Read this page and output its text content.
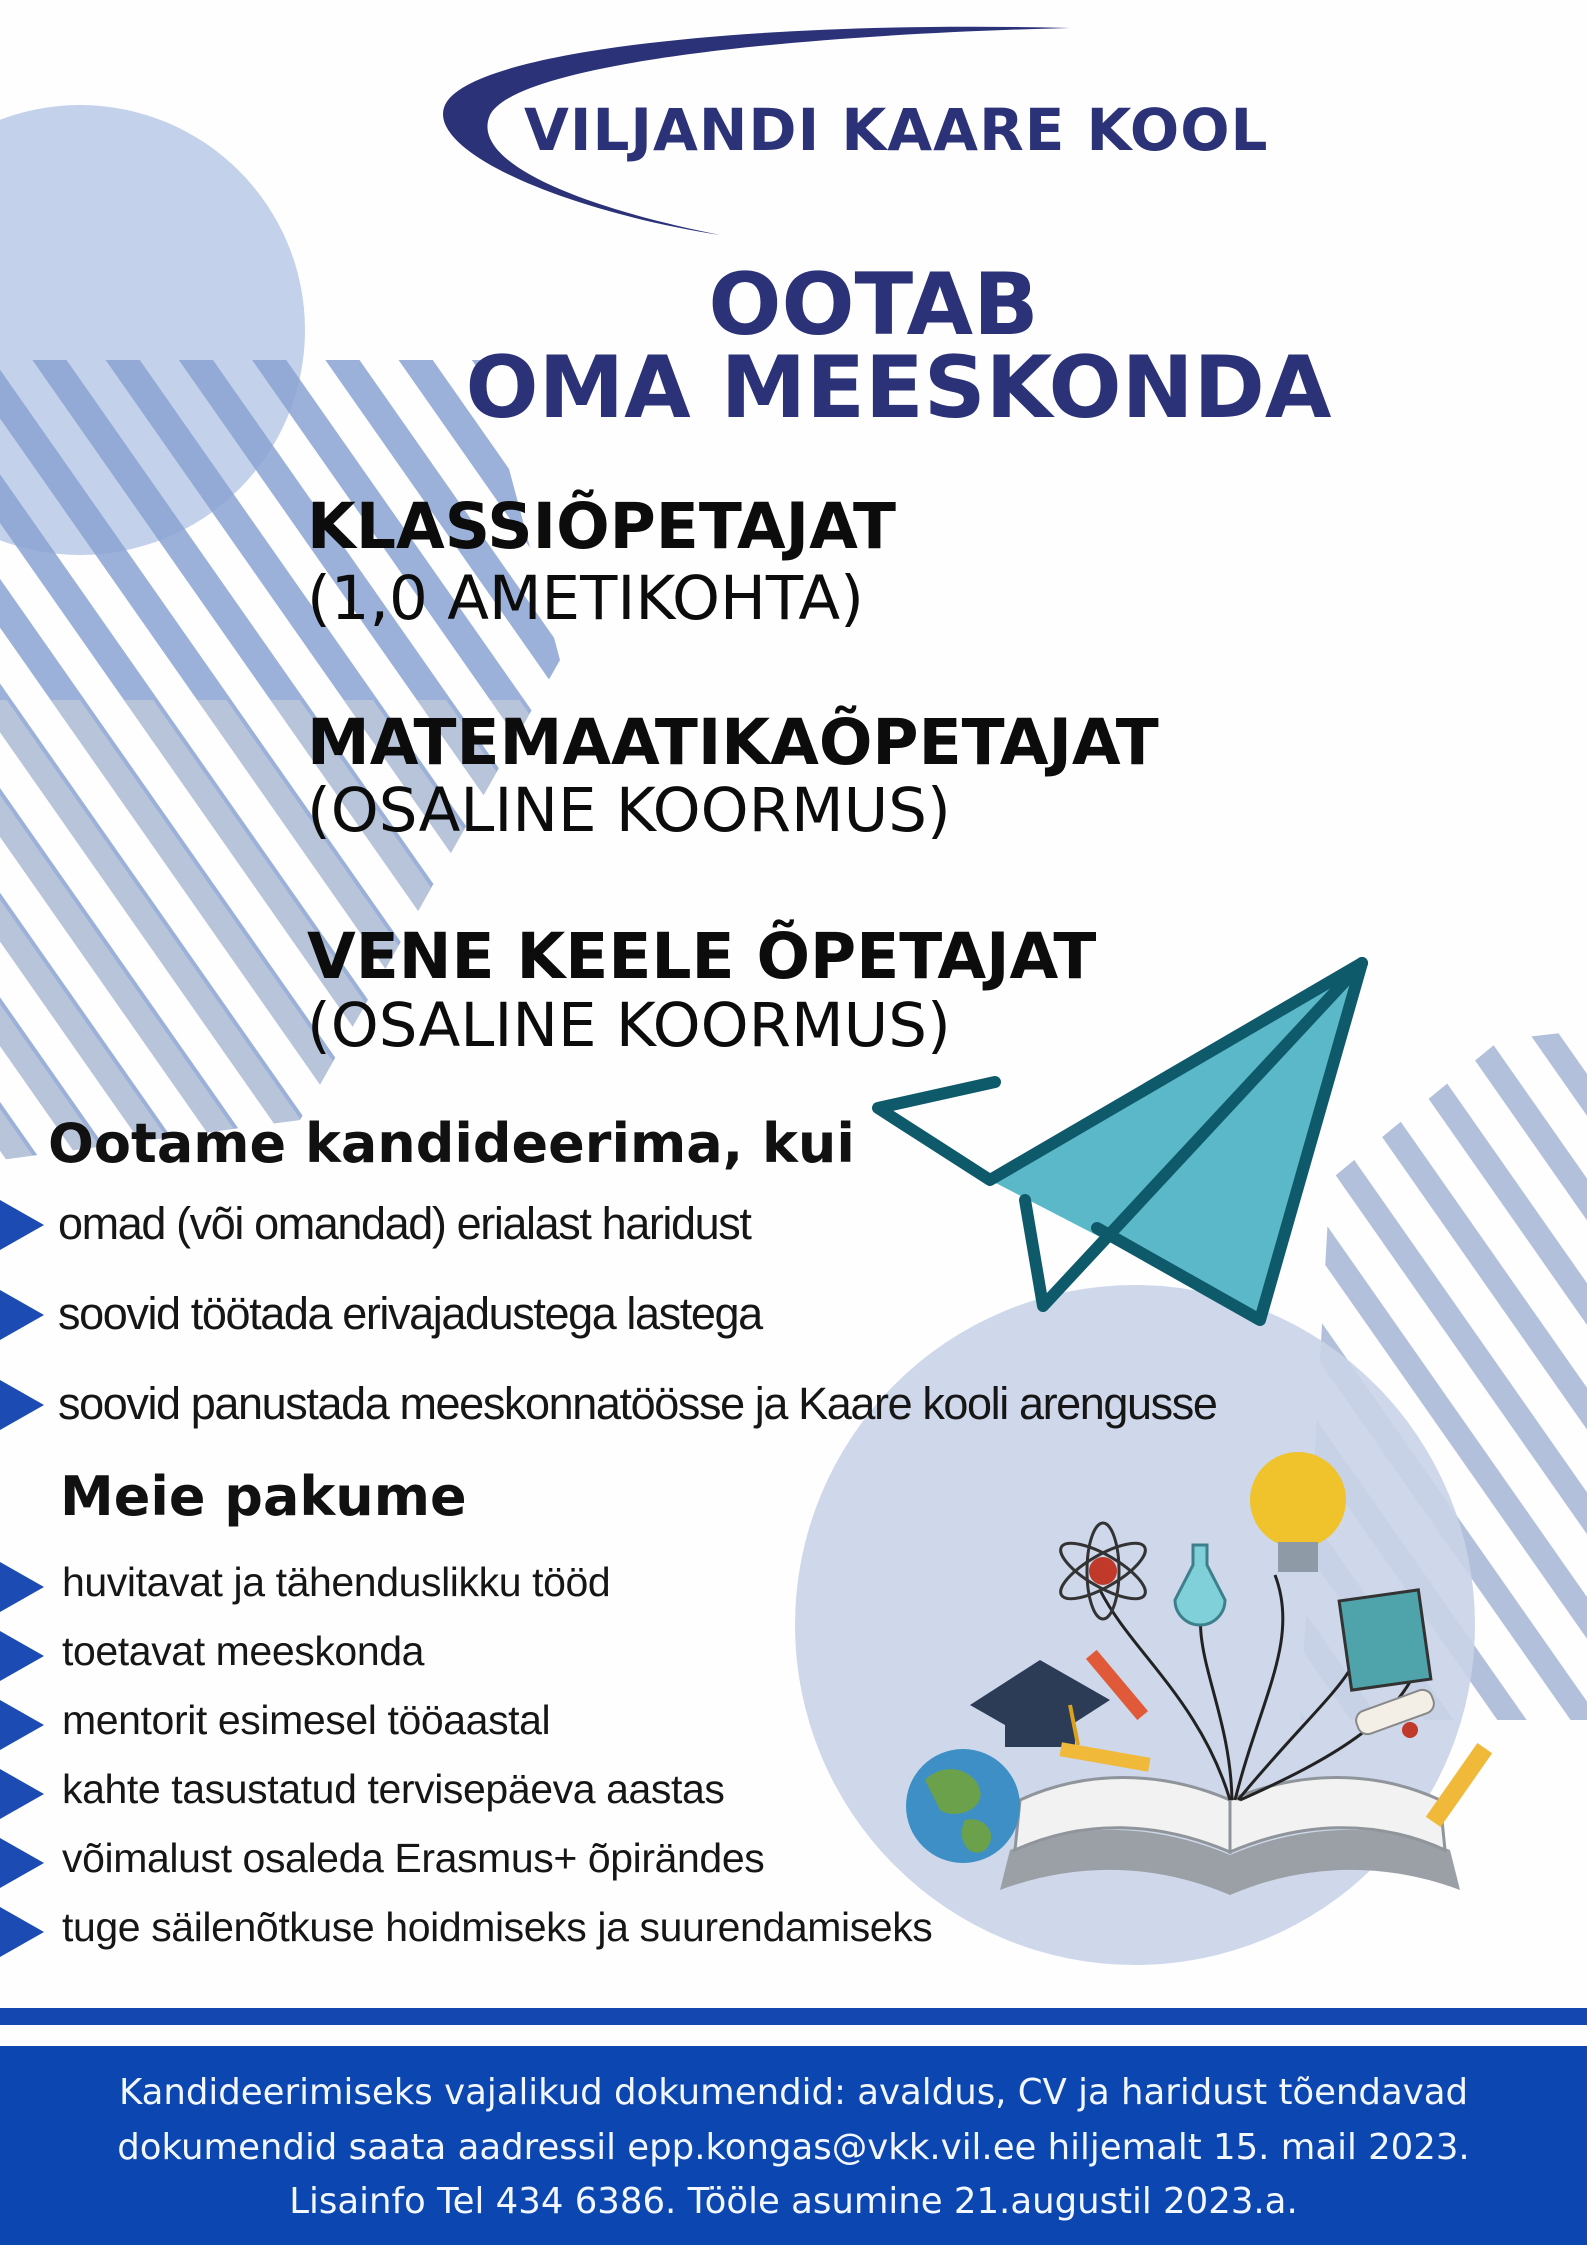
VILJANDI KAARE KOOL
OOTAB
OMA MEESKONDA
KLASSIÕPETAJAT
(1,0 AMETIKOHTA)
MATEMAATIKAÕPETAJAT
(OSALINE KOORMUS)
VENE KEELE ÕPETAJAT
(OSALINE KOORMUS)
Ootame kandideerima, kui
omad (või omandad) erialast haridust
soovid töötada erivajadustega lastega
soovid panustada meeskonnatöösse ja Kaare kooli arengusse
Meie pakume
huvitavat ja tähenduslikku tööd
toetavat meeskonda
mentorit esimesel tööaastal
kahte tasustatud tervisepäeva aastas
võimalust osaleda Erasmus+ õpirändes
tuge säilenõtkuse hoidmiseks ja suurendamiseks
Kandideerimiseks vajalikud dokumendid: avaldus, CV ja haridust tõendavad
dokumendid saata aadressil epp.kongas@vkk.vil.ee hiljemalt 15. mail 2023.
Lisainfo Tel 434 6386. Tööle asumine 21.augustil 2023.a.
